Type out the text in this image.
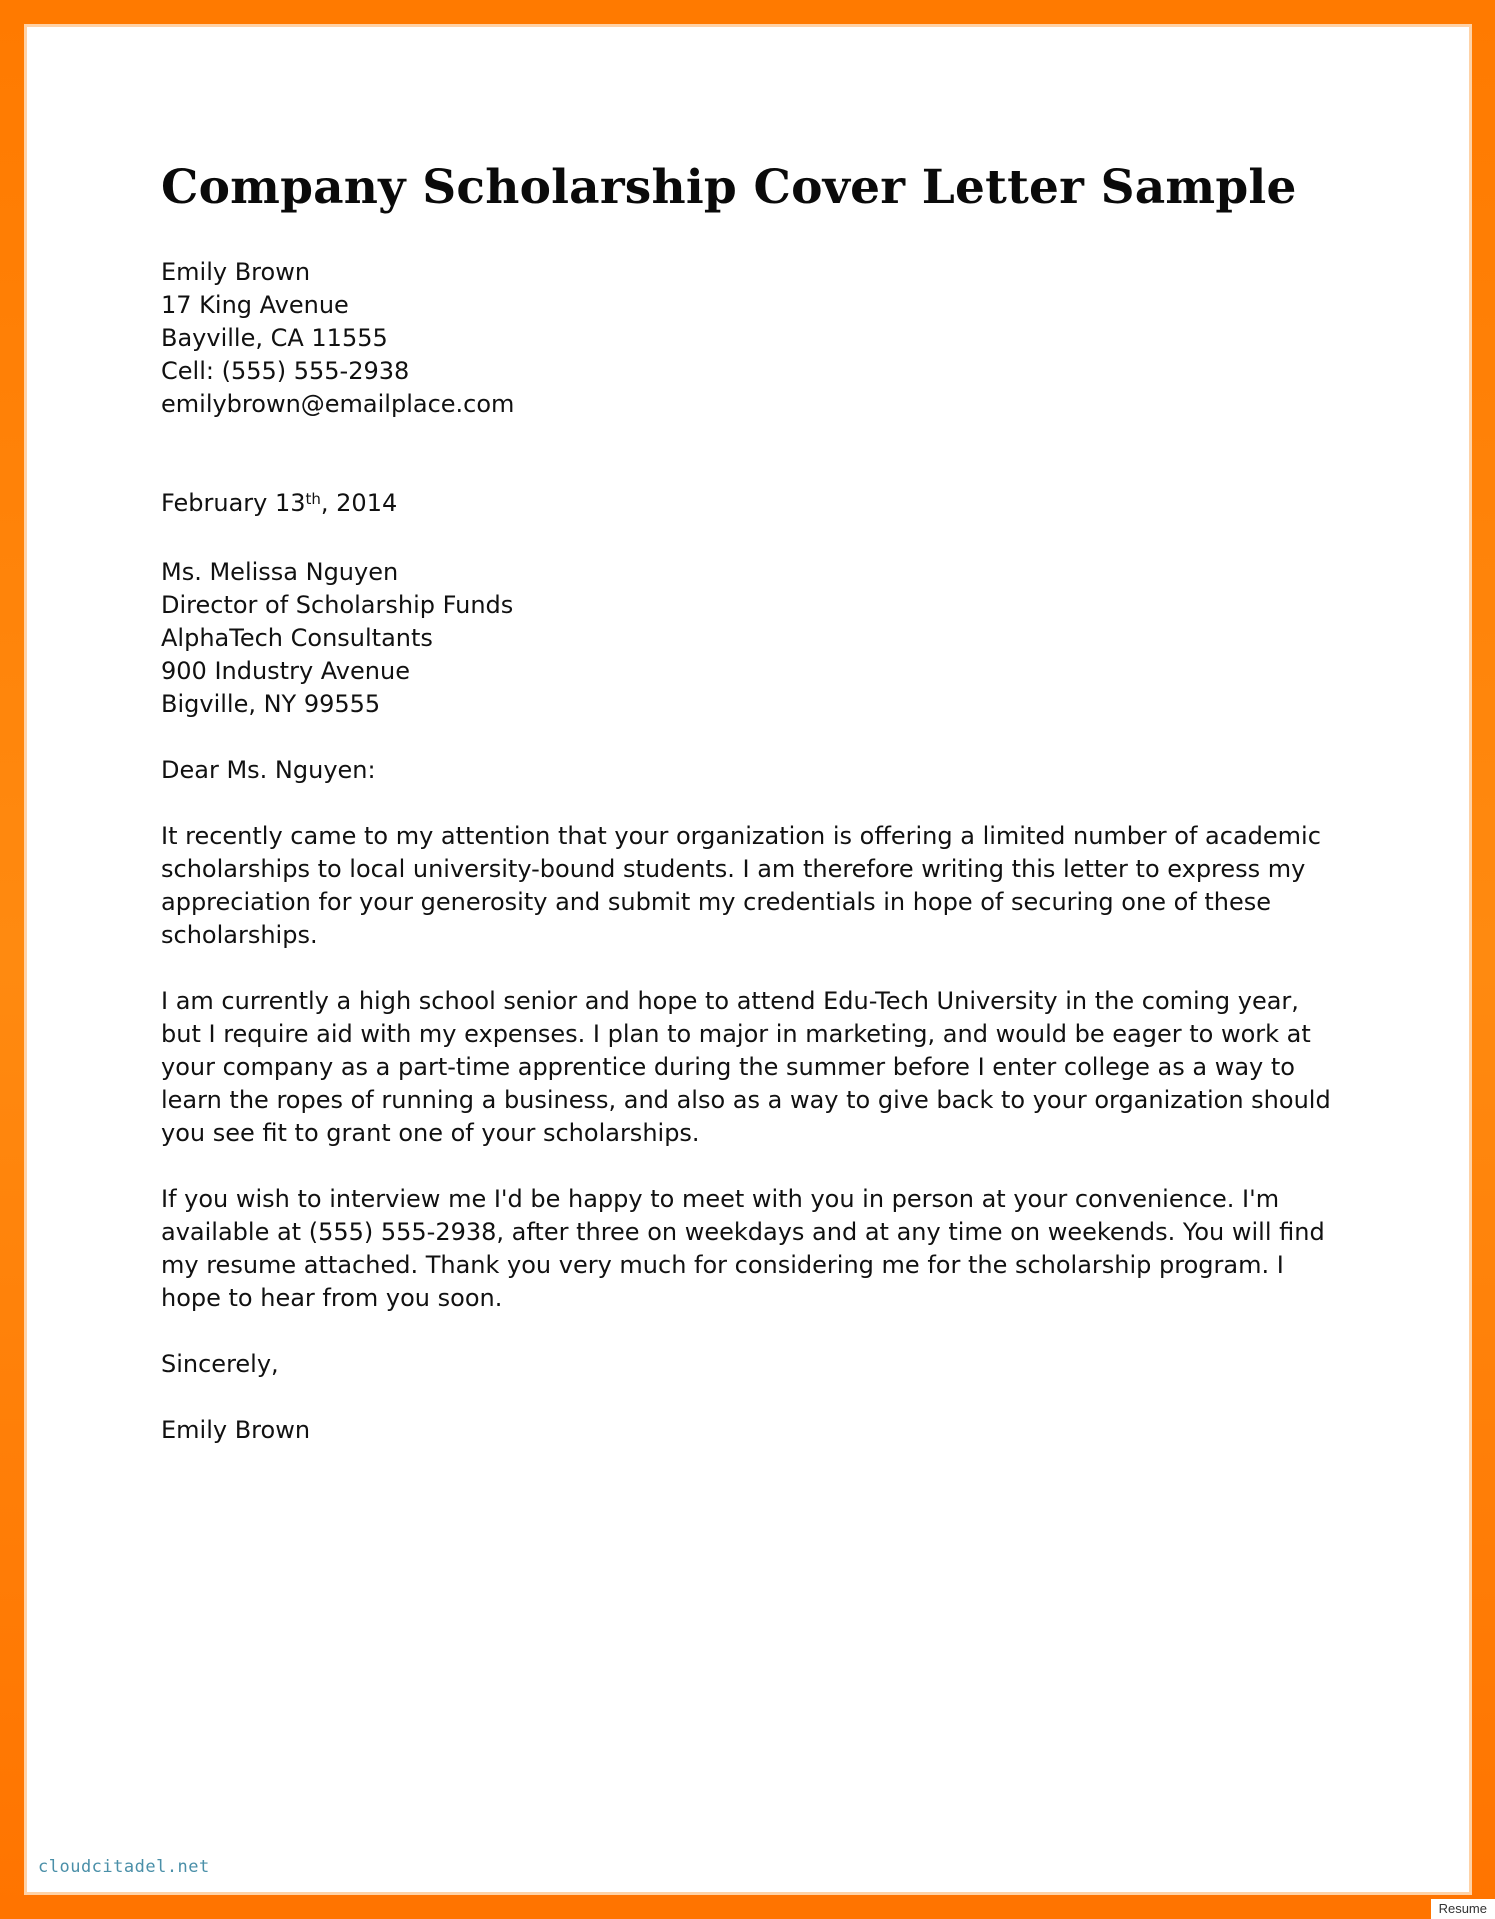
Company Scholarship Cover Letter Sample
Emily Brown
17 King Avenue
Bayville, CA 11555
Cell: (555) 555-2938
emilybrown@emailplace.com
February 13th, 2014
Ms. Melissa Nguyen
Director of Scholarship Funds
AlphaTech Consultants
900 Industry Avenue
Bigville, NY 99555
Dear Ms. Nguyen:
It recently came to my attention that your organization is offering a limited number of academic
scholarships to local university-bound students. I am therefore writing this letter to express my
appreciation for your generosity and submit my credentials in hope of securing one of these
scholarships.
I am currently a high school senior and hope to attend Edu-Tech University in the coming year,
but I require aid with my expenses. I plan to major in marketing, and would be eager to work at
your company as a part-time apprentice during the summer before I enter college as a way to
learn the ropes of running a business, and also as a way to give back to your organization should
you see fit to grant one of your scholarships.
If you wish to interview me I'd be happy to meet with you in person at your convenience. I'm
available at (555) 555-2938, after three on weekdays and at any time on weekends. You will find
my resume attached. Thank you very much for considering me for the scholarship program. I
hope to hear from you soon.
Sincerely,
Emily Brown
cloudcitadel.net
Resume
